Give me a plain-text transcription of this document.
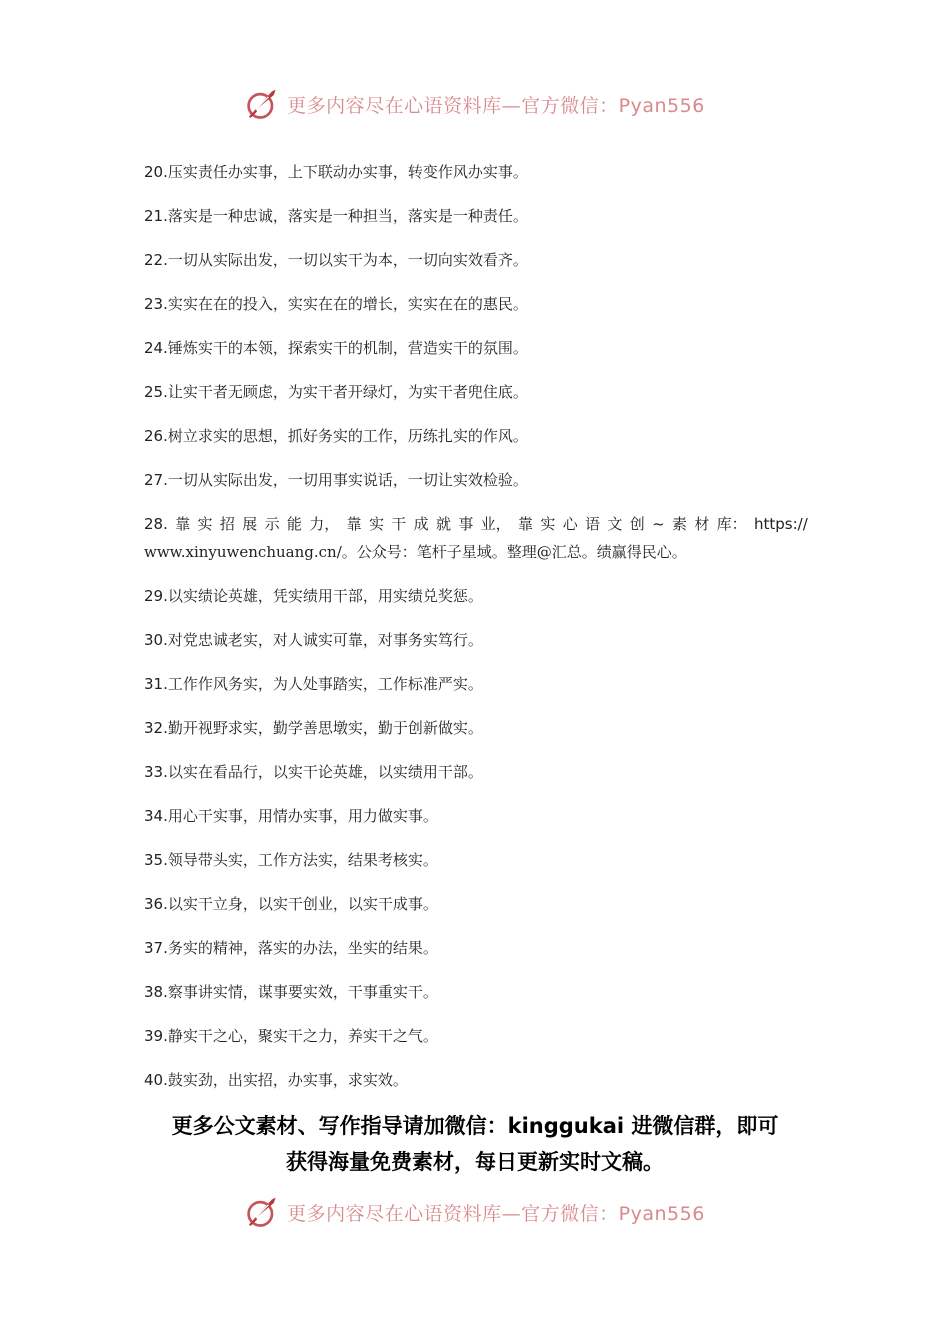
更多内容尽在心语资料库—官方微信：Pyan556
20.压实责任办实事，上下联动办实事，转变作风办实事。
21.落实是一种忠诚，落实是一种担当，落实是一种责任。
22.一切从实际出发，一切以实干为本，一切向实效看齐。
23.实实在在的投入，实实在在的增长，实实在在的惠民。
24.锤炼实干的本领，探索实干的机制，营造实干的氛围。
25.让实干者无顾虑，为实干者开绿灯，为实干者兜住底。
26.树立求实的思想，抓好务实的工作，历练扎实的作风。
27.一切从实际出发，一切用事实说话，一切让实效检验。
28. 靠 实 招 展 示 能 力， 靠 实 干 成 就 事 业， 靠 实 心 语 文 创 ~ 素 材 库： https://
www.xinyuwenchuang.cn/。公众号：笔杆子星域。整理@汇总。绩赢得民心。
29.以实绩论英雄，凭实绩用干部，用实绩兑奖惩。
30.对党忠诚老实，对人诚实可靠，对事务实笃行。
31.工作作风务实，为人处事踏实，工作标准严实。
32.勤开视野求实，勤学善思墩实，勤于创新做实。
33.以实在看品行，以实干论英雄，以实绩用干部。
34.用心干实事，用情办实事，用力做实事。
35.领导带头实，工作方法实，结果考核实。
36.以实干立身，以实干创业，以实干成事。
37.务实的精神，落实的办法，坐实的结果。
38.察事讲实情，谋事要实效，干事重实干。
39.静实干之心，聚实干之力，养实干之气。
40.鼓实劲，出实招，办实事，求实效。
更多公文素材、写作指导请加微信：kinggukai 进微信群，即可
获得海量免费素材，每日更新实时文稿。
更多内容尽在心语资料库—官方微信：Pyan556
